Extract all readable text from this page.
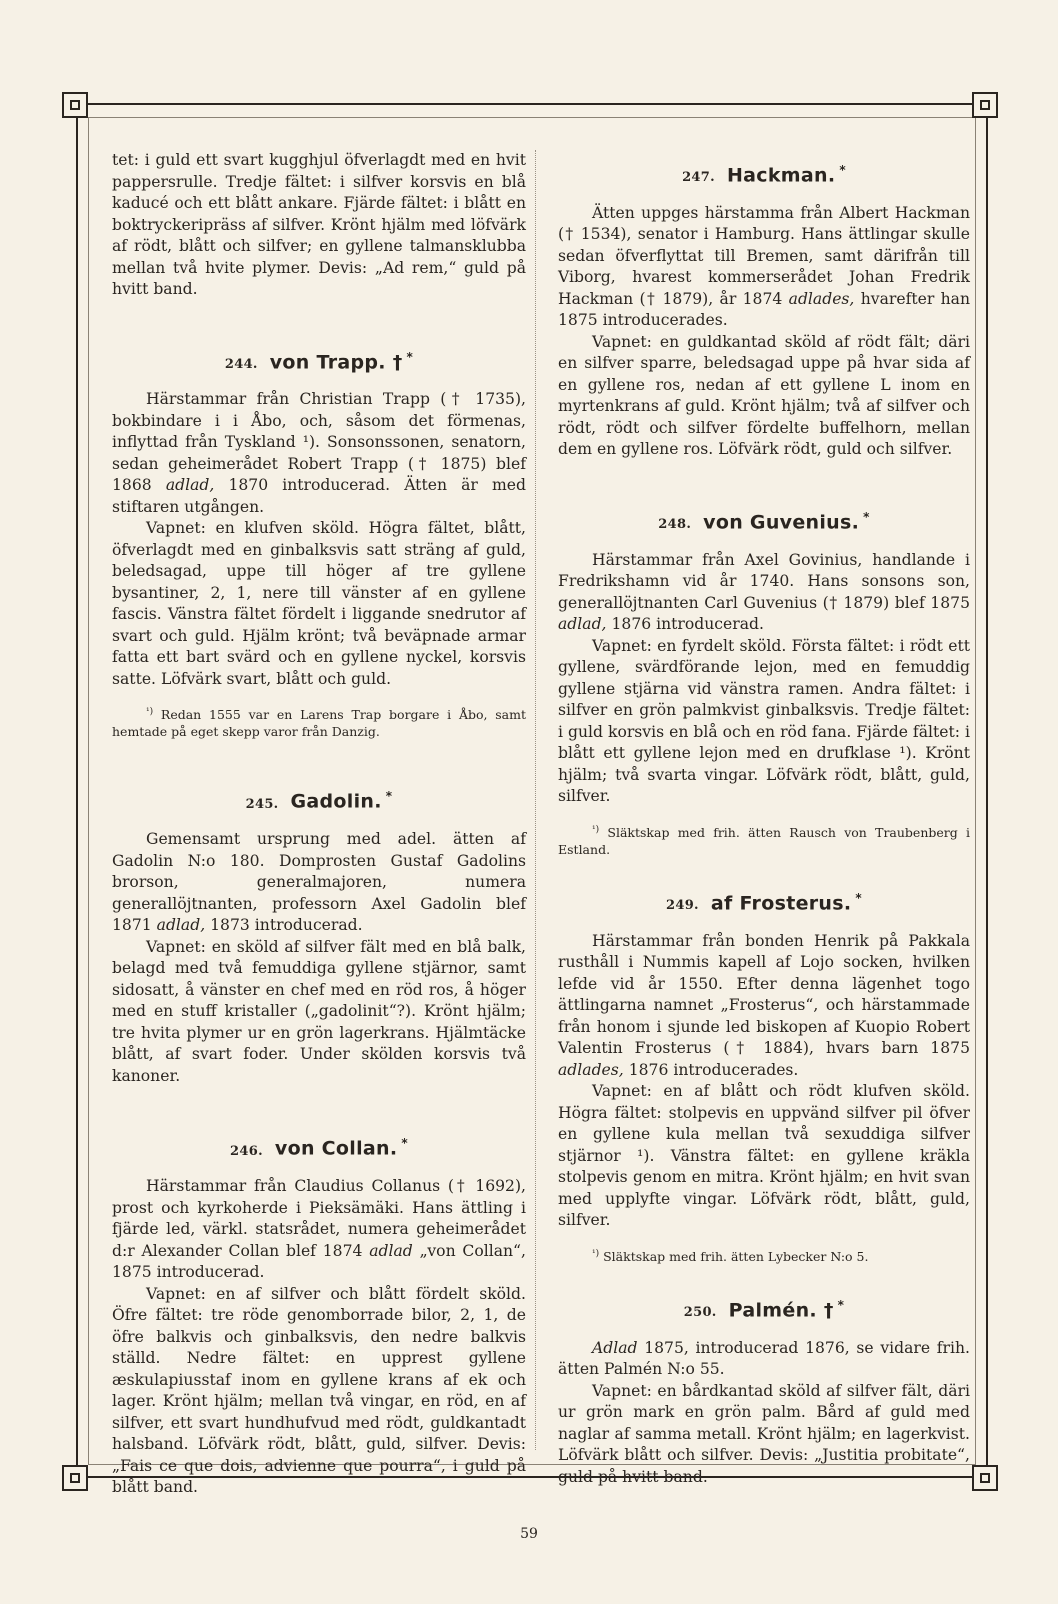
tet: i guld ett svart kugghjul öfverlagdt med en hvit pappersrulle. Tredje fältet: i silfver korsvis en blå kaducé och ett blått ankare. Fjärde fältet: i blått en boktryckeripräss af silfver. Krönt hjälm med löfvärk af rödt, blått och silfver; en gyllene talmansklubba mellan två hvite plymer. Devis: „Ad rem,“ guld på hvitt band.

244. von Trapp. † *

Härstammar från Christian Trapp († 1735), bokbindare i i Åbo, och, såsom det förmenas, inflyttad från Tyskland ¹). Sonsonssonen, senatorn, sedan geheimerådet Robert Trapp († 1875) blef 1868 adlad, 1870 introducerad. Ätten är med stiftaren utgången.

Vapnet: en klufven sköld. Högra fältet, blått, öfverlagdt med en ginbalksvis satt sträng af guld, beledsagad, uppe till höger af tre gyllene bysantiner, 2, 1, nere till vänster af en gyllene fascis. Vänstra fältet fördelt i liggande snedrutor af svart och guld. Hjälm krönt; två beväpnade armar fatta ett bart svärd och en gyllene nyckel, korsvis satte. Löfvärk svart, blått och guld.

$^{^1)}$ Redan 1555 var en Larens Trap borgare i Åbo, samt hemtade på eget skepp varor från Danzig.

245. Gadolin. *

Gemensamt ursprung med adel. ätten af Gadolin N:o 180. Domprosten Gustaf Gadolins brorson, generalmajoren, numera generallöjtnanten, professorn Axel Gadolin blef 1871 adlad, 1873 introducerad.

Vapnet: en sköld af silfver fält med en blå balk, belagd med två femuddiga gyllene stjärnor, samt sidosatt, å vänster en chef med en röd ros, å höger med en stuff kristaller („gadolinit“?). Krönt hjälm; tre hvita plymer ur en grön lagerkrans. Hjälmtäcke blått, af svart foder. Under skölden korsvis två kanoner.

246. von Collan. *

Härstammar från Claudius Collanus († 1692), prost och kyrkoherde i Pieksämäki. Hans ättling i fjärde led, värkl. statsrådet, numera geheimerådet d:r Alexander Collan blef 1874 adlad „von Collan“, 1875 introducerad.

Vapnet: en af silfver och blått fördelt sköld. Öfre fältet: tre röde genomborrade bilor, 2, 1, de öfre balkvis och ginbalksvis, den nedre balkvis ställd. Nedre fältet: en upprest gyllene æskulapiusstaf inom en gyllene krans af ek och lager. Krönt hjälm; mellan två vingar, en röd, en af silfver, ett svart hundhufvud med rödt, guldkantadt halsband. Löfvärk rödt, blått, guld, silfver. Devis: „Fais ce que dois, advienne que pourra“, i guld på blått band.

247. Hackman. *

Ätten uppges härstamma från Albert Hackman († 1534), senator i Hamburg. Hans ättlingar skulle sedan öfverflyttat till Bremen, samt därifrån till Viborg, hvarest kommerserådet Johan Fredrik Hackman († 1879), år 1874 adlades, hvarefter han 1875 introducerades.

Vapnet: en guldkantad sköld af rödt fält; däri en silfver sparre, beledsagad uppe på hvar sida af en gyllene ros, nedan af ett gyllene L inom en myrtenkrans af guld. Krönt hjälm; två af silfver och rödt, rödt och silfver fördelte buffelhorn, mellan dem en gyllene ros. Löfvärk rödt, guld och silfver.

248. von Guvenius. *

Härstammar från Axel Govinius, handlande i Fredrikshamn vid år 1740. Hans sonsons son, generallöjtnanten Carl Guvenius († 1879) blef 1875 adlad, 1876 introducerad.

Vapnet: en fyrdelt sköld. Första fältet: i rödt ett gyllene, svärdförande lejon, med en femuddig gyllene stjärna vid vänstra ramen. Andra fältet: i silfver en grön palmkvist ginbalksvis. Tredje fältet: i guld korsvis en blå och en röd fana. Fjärde fältet: i blått ett gyllene lejon med en drufklase ¹). Krönt hjälm; två svarta vingar. Löfvärk rödt, blått, guld, silfver.

$^{^1)}$ Släktskap med frih. ätten Rausch von Traubenberg i Estland.

249. af Frosterus. *

Härstammar från bonden Henrik på Pakkala rusthåll i Nummis kapell af Lojo socken, hvilken lefde vid år 1550. Efter denna lägenhet togo ättlingarna namnet „Frosterus“, och härstammade från honom i sjunde led biskopen af Kuopio Robert Valentin Frosterus († 1884), hvars barn 1875 adlades, 1876 introducerades.

Vapnet: en af blått och rödt klufven sköld. Högra fältet: stolpevis en uppvänd silfver pil öfver en gyllene kula mellan två sexuddiga silfver stjärnor ¹). Vänstra fältet: en gyllene kräkla stolpevis genom en mitra. Krönt hjälm; en hvit svan med upplyfte vingar. Löfvärk rödt, blått, guld, silfver.

$^{^1)}$ Släktskap med frih. ätten Lybecker N:o 5.

250. Palmén. † *

Adlad 1875, introducerad 1876, se vidare frih. ätten Palmén N:o 55.

Vapnet: en bårdkantad sköld af silfver fält, däri ur grön mark en grön palm. Bård af guld med naglar af samma metall. Krönt hjälm; en lagerkvist. Löfvärk blått och silfver. Devis: „Justitia probitate“, guld på hvitt band.

59
